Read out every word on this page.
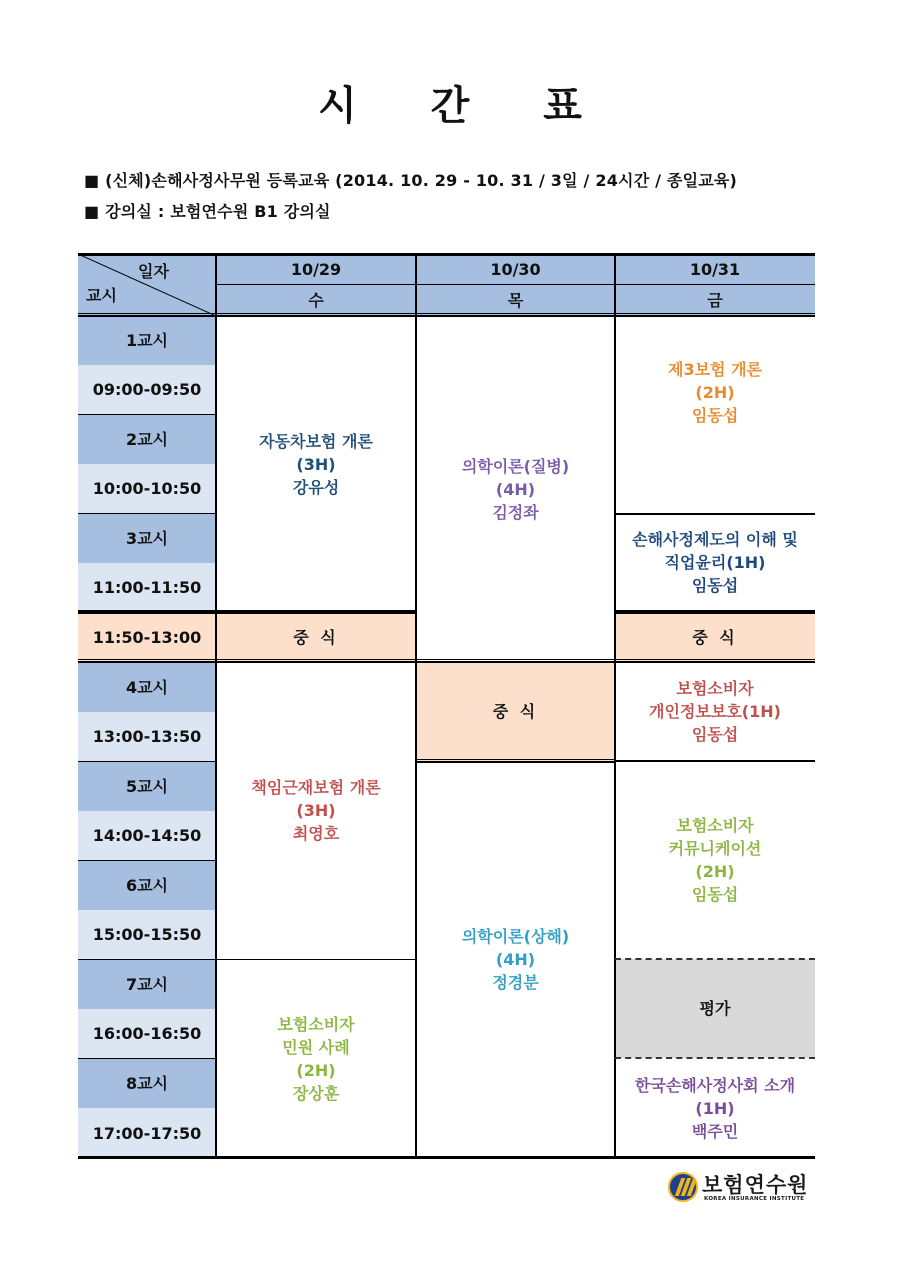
시 간 표
■ (신체)손해사정사무원 등록교육 (2014. 10. 29 - 10. 31 / 3일 / 24시간 / 종일교육)
■ 강의실 : 보험연수원 B1 강의실
일자
교시
10/29
수
10/30
목
10/31
금
1교시
09:00-09:50
2교시
10:00-10:50
3교시
11:00-11:50
11:50-13:00
4교시
13:00-13:50
5교시
14:00-14:50
6교시
15:00-15:50
7교시
16:00-16:50
8교시
17:00-17:50
자동차보험 개론
(3H)
강유성
중 식
책임근재보험 개론
(3H)
최영호
보험소비자
민원 사례
(2H)
장상훈
의학이론(질병)
(4H)
김정좌
중 식
의학이론(상해)
(4H)
정경분
제3보험 개론
(2H)
임동섭
손해사정제도의 이해 및
직업윤리(1H)
임동섭
중 식
보험소비자
개인정보보호(1H)
임동섭
보험소비자
커뮤니케이션
(2H)
임동섭
평가
한국손해사정사회 소개
(1H)
백주민
보험연수원
KOREA INSURANCE INSTITUTE
